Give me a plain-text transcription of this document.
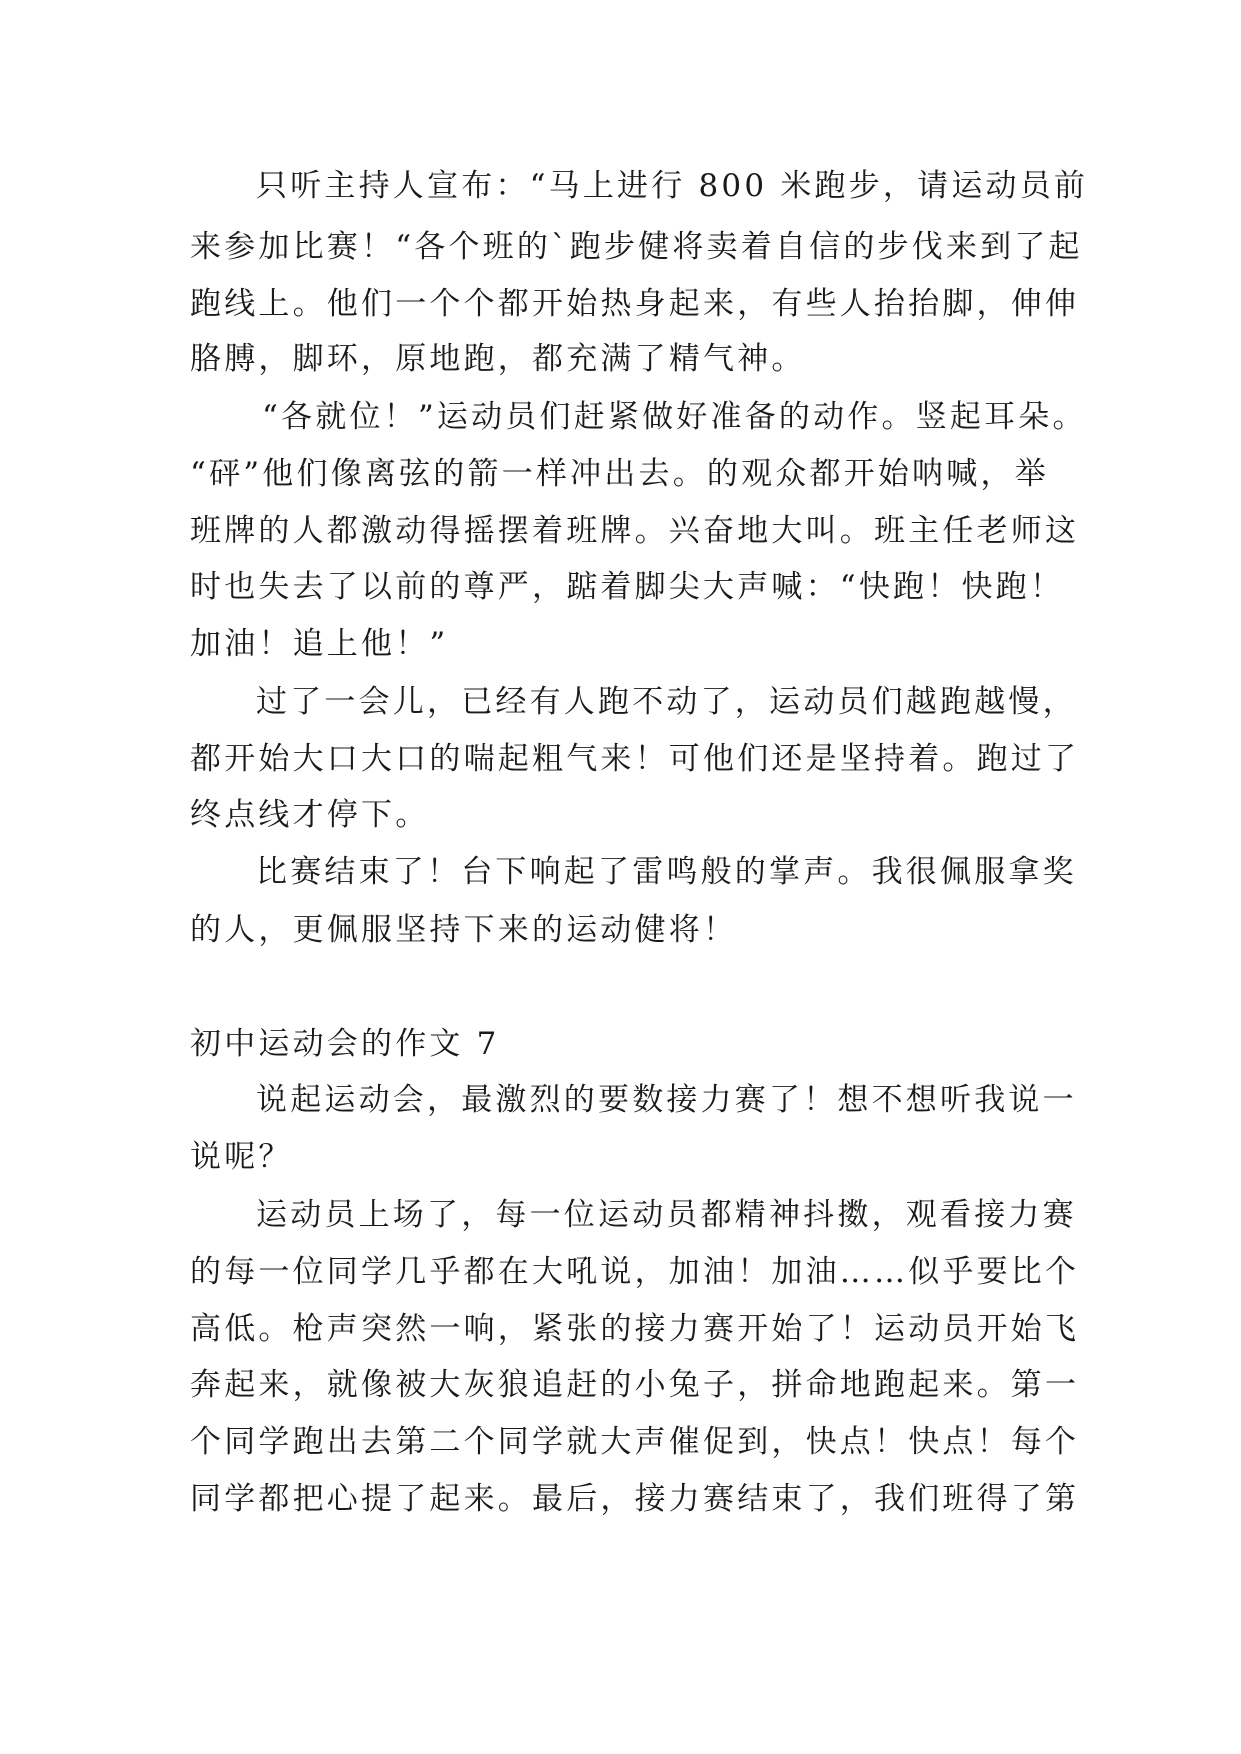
只听主持人宣布：“马上进行 800 米跑步，请运动员前
来参加比赛！“各个班的`跑步健将卖着自信的步伐来到了起
跑线上。他们一个个都开始热身起来，有些人抬抬脚，伸伸
胳膊，脚环，原地跑，都充满了精气神。
“各就位！”运动员们赶紧做好准备的动作。竖起耳朵。
“砰”他们像离弦的箭一样冲出去。的观众都开始呐喊，举
班牌的人都激动得摇摆着班牌。兴奋地大叫。班主任老师这
时也失去了以前的尊严，踮着脚尖大声喊：“快跑！快跑！
加油！追上他！”
过了一会儿，已经有人跑不动了，运动员们越跑越慢，
都开始大口大口的喘起粗气来！可他们还是坚持着。跑过了
终点线才停下。
比赛结束了！台下响起了雷鸣般的掌声。我很佩服拿奖
的人，更佩服坚持下来的运动健将！
初中运动会的作文 7
说起运动会，最激烈的要数接力赛了！想不想听我说一
说呢？
运动员上场了，每一位运动员都精神抖擞，观看接力赛
的每一位同学几乎都在大吼说，加油！加油……似乎要比个
高低。枪声突然一响，紧张的接力赛开始了！运动员开始飞
奔起来，就像被大灰狼追赶的小兔子，拼命地跑起来。第一
个同学跑出去第二个同学就大声催促到，快点！快点！每个
同学都把心提了起来。最后，接力赛结束了，我们班得了第
